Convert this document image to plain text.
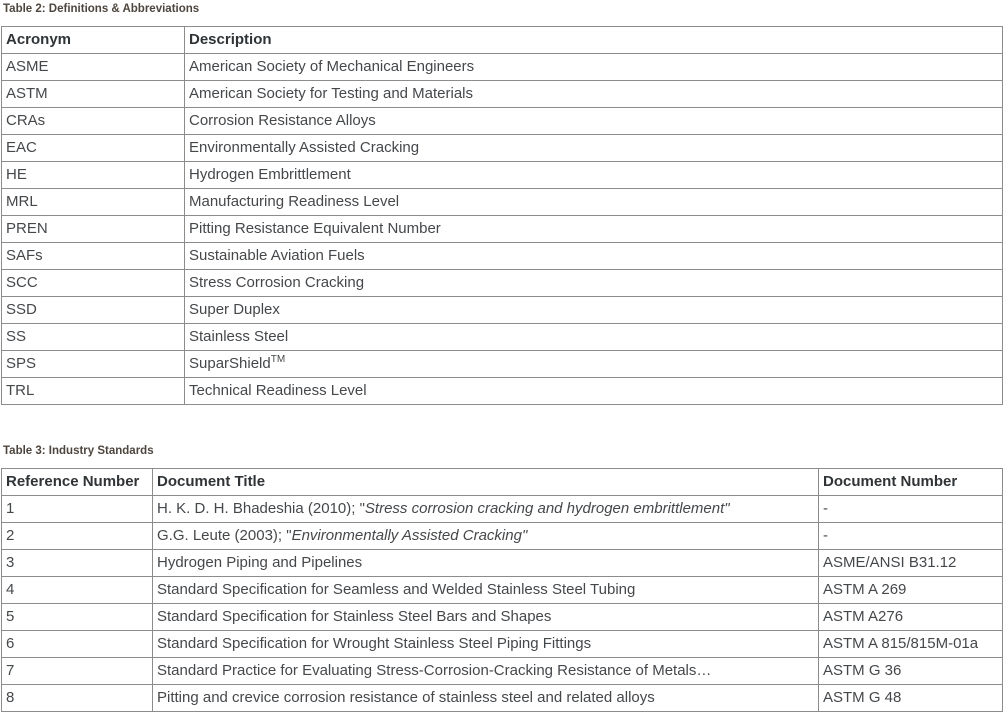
Table 2: Definitions & Abbreviations

Acronym	Description
ASME	American Society of Mechanical Engineers
ASTM	American Society for Testing and Materials
CRAs	Corrosion Resistance Alloys
EAC	Environmentally Assisted Cracking
HE	Hydrogen Embrittlement
MRL	Manufacturing Readiness Level
PREN	Pitting Resistance Equivalent Number
SAFs	Sustainable Aviation Fuels
SCC	Stress Corrosion Cracking
SSD	Super Duplex
SS	Stainless Steel
SPS	SuparShield™
TRL	Technical Readiness Level

Table 3: Industry Standards

Reference Number	Document Title	Document Number
1	H. K. D. H. Bhadeshia (2010); "Stress corrosion cracking and hydrogen embrittlement"	-
2	G.G. Leute (2003); "Environmentally Assisted Cracking"	-
3	Hydrogen Piping and Pipelines	ASME/ANSI B31.12
4	Standard Specification for Seamless and Welded Stainless Steel Tubing	ASTM A 269
5	Standard Specification for Stainless Steel Bars and Shapes	ASTM A276
6	Standard Specification for Wrought Stainless Steel Piping Fittings	ASTM A 815/815M-01a
7	Standard Practice for Evaluating Stress-Corrosion-Cracking Resistance of Metals…	ASTM G 36
8	Pitting and crevice corrosion resistance of stainless steel and related alloys	ASTM G 48
